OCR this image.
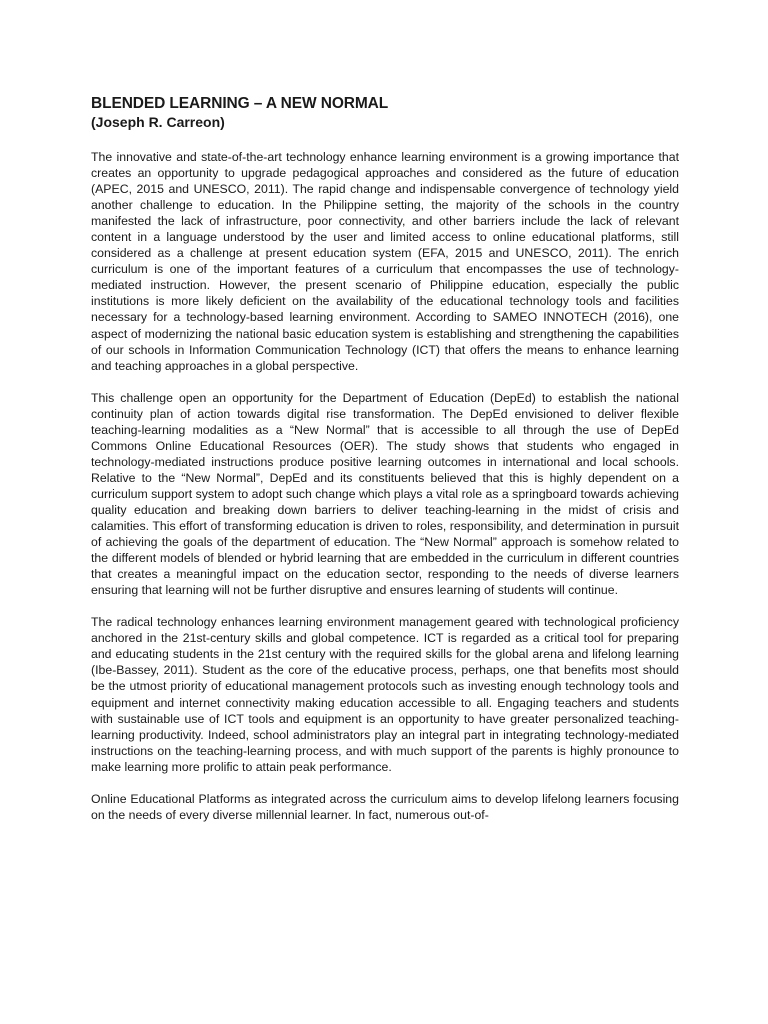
BLENDED LEARNING – A NEW NORMAL
(Joseph R. Carreon)

The innovative and state-of-the-art technology enhance learning environment is a growing importance that creates an opportunity to upgrade pedagogical approaches and considered as the future of education (APEC, 2015 and UNESCO, 2011). The rapid change and indispensable convergence of technology yield another challenge to education. In the Philippine setting, the majority of the schools in the country manifested the lack of infrastructure, poor connectivity, and other barriers include the lack of relevant content in a language understood by the user and limited access to online educational platforms, still considered as a challenge at present education system (EFA, 2015 and UNESCO, 2011). The enrich curriculum is one of the important features of a curriculum that encompasses the use of technology-mediated instruction. However, the present scenario of Philippine education, especially the public institutions is more likely deficient on the availability of the educational technology tools and facilities necessary for a technology-based learning environment. According to SAMEO INNOTECH (2016), one aspect of modernizing the national basic education system is establishing and strengthening the capabilities of our schools in Information Communication Technology (ICT) that offers the means to enhance learning and teaching approaches in a global perspective.

This challenge open an opportunity for the Department of Education (DepEd) to establish the national continuity plan of action towards digital rise transformation. The DepEd envisioned to deliver flexible teaching-learning modalities as a “New Normal” that is accessible to all through the use of DepEd Commons Online Educational Resources (OER). The study shows that students who engaged in technology-mediated instructions produce positive learning outcomes in international and local schools. Relative to the “New Normal”, DepEd and its constituents believed that this is highly dependent on a curriculum support system to adopt such change which plays a vital role as a springboard towards achieving quality education and breaking down barriers to deliver teaching-learning in the midst of crisis and calamities. This effort of transforming education is driven to roles, responsibility, and determination in pursuit of achieving the goals of the department of education. The “New Normal” approach is somehow related to the different models of blended or hybrid learning that are embedded in the curriculum in different countries that creates a meaningful impact on the education sector, responding to the needs of diverse learners ensuring that learning will not be further disruptive and ensures learning of students will continue.

The radical technology enhances learning environment management geared with technological proficiency anchored in the 21st-century skills and global competence. ICT is regarded as a critical tool for preparing and educating students in the 21st century with the required skills for the global arena and lifelong learning (Ibe-Bassey, 2011). Student as the core of the educative process, perhaps, one that benefits most should be the utmost priority of educational management protocols such as investing enough technology tools and equipment and internet connectivity making education accessible to all. Engaging teachers and students with sustainable use of ICT tools and equipment is an opportunity to have greater personalized teaching-learning productivity. Indeed, school administrators play an integral part in integrating technology-mediated instructions on the teaching-learning process, and with much support of the parents is highly pronounce to make learning more prolific to attain peak performance.

Online Educational Platforms as integrated across the curriculum aims to develop lifelong learners focusing on the needs of every diverse millennial learner. In fact, numerous out-of-
